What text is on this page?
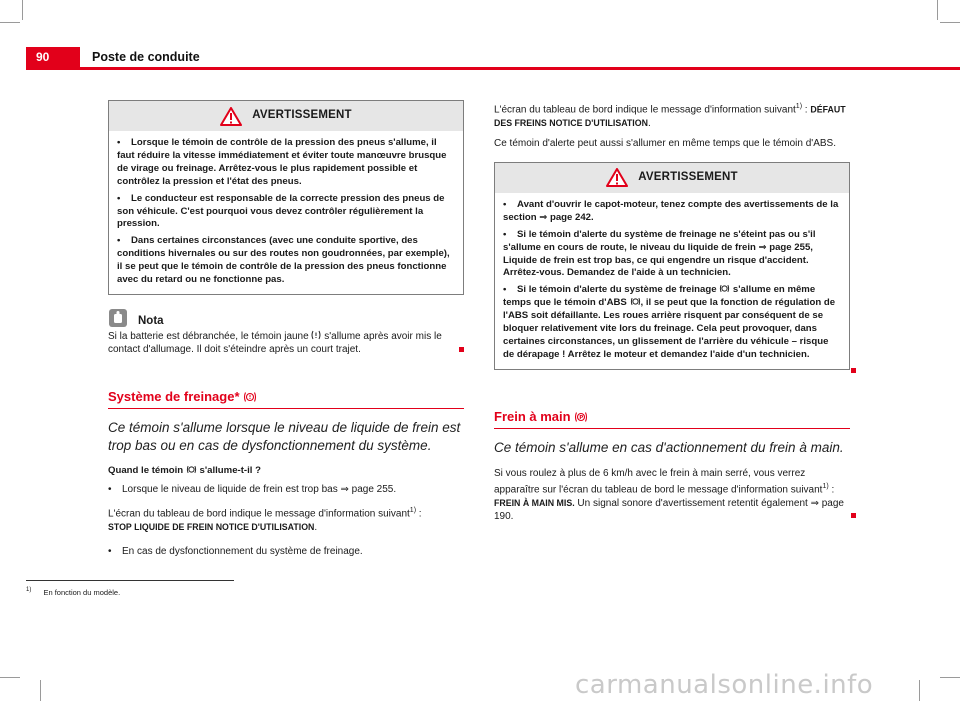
90	Poste de conduite
AVERTISSEMENT

• Lorsque le témoin de contrôle de la pression des pneus s'allume, il faut réduire la vitesse immédiatement et éviter toute manœuvre brusque de virage ou freinage. Arrêtez-vous le plus rapidement possible et contrôlez la pression et l'état des pneus.

• Le conducteur est responsable de la correcte pression des pneus de son véhicule. C'est pourquoi vous devez contrôler régulièrement la pression.

• Dans certaines circonstances (avec une conduite sportive, des conditions hivernales ou sur des routes non goudronnées, par exemple), il se peut que le témoin de contrôle de la pression des pneus fonctionne avec du retard ou ne fonctionne pas.

Nota

Si la batterie est débranchée, le témoin jaune s'allume après avoir mis le contact d'allumage. Il doit s'éteindre après un court trajet.

Système de freinage*

Ce témoin s'allume lorsque le niveau de liquide de frein est trop bas ou en cas de dysfonctionnement du système.

Quand le témoin s'allume-t-il ?

• Lorsque le niveau de liquide de frein est trop bas ⇒ page 255.

L'écran du tableau de bord indique le message d'information suivant$^{1)}$ :
STOP LIQUIDE DE FREIN NOTICE D'UTILISATION.

• En cas de dysfonctionnement du système de freinage.

$^{1)}$ En fonction du modèle.

L'écran du tableau de bord indique le message d'information suivant$^{1)}$ : DÉFAUT DES FREINS NOTICE D'UTILISATION.

Ce témoin d'alerte peut aussi s'allumer en même temps que le témoin d'ABS.

AVERTISSEMENT

• Avant d'ouvrir le capot-moteur, tenez compte des avertissements de la section ⇒ page 242.

• Si le témoin d'alerte du système de freinage ne s'éteint pas ou s'il s'allume en cours de route, le niveau du liquide de frein ⇒ page 255, Liquide de frein est trop bas, ce qui engendre un risque d'accident. Arrêtez-vous. Demandez de l'aide à un technicien.

• Si le témoin d'alerte du système de freinage s'allume en même temps que le témoin d'ABS , il se peut que la fonction de régulation de l'ABS soit défaillante. Les roues arrière risquent par conséquent de se bloquer relativement vite lors du freinage. Cela peut provoquer, dans certaines circonstances, un glissement de l'arrière du véhicule – risque de dérapage ! Arrêtez le moteur et demandez l'aide d'un technicien.

Frein à main P

Ce témoin s'allume en cas d'actionnement du frein à main.

Si vous roulez à plus de 6 km/h avec le frein à main serré, vous verrez apparaître sur l'écran du tableau de bord le message d'information suivant$^{1)}$ :
FREIN À MAIN MIS. Un signal sonore d'avertissement retentit également ⇒ page 190.

carmanualsonline.info
